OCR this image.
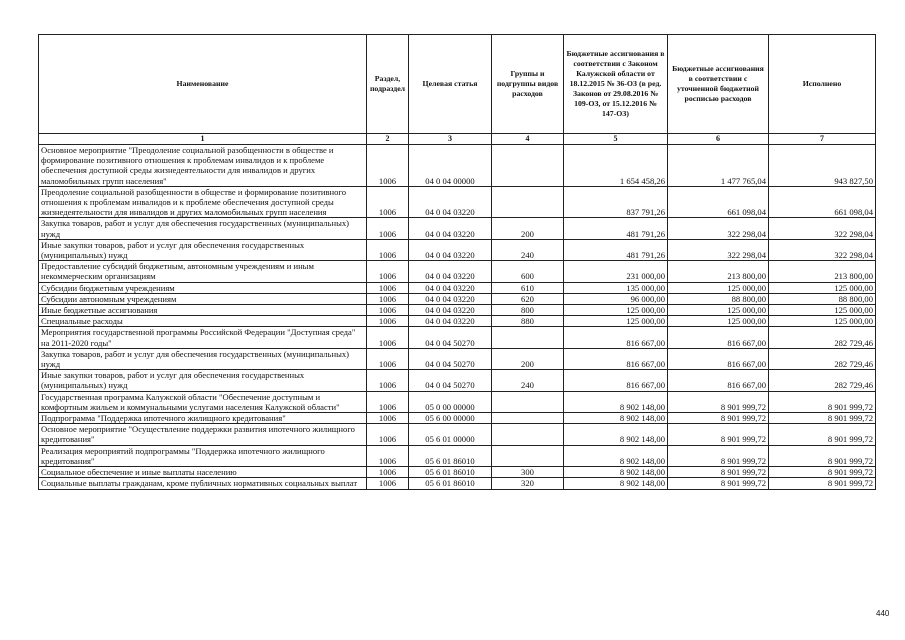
Наименование	Раздел, подраздел	Целевая статья	Группы и подгруппы видов расходов	Бюджетные ассигнования в соответствии с Законом Калужской области от 18.12.2015 № 36-ОЗ (в ред. Законов от 29.08.2016 № 109-ОЗ, от 15.12.2016 № 147-ОЗ)	Бюджетные ассигнования в соответствии с уточненной бюджетной росписью расходов	Исполнено
1	2	3	4	5	6	7
Основное мероприятие "Преодоление социальной разобщенности в обществе и формирование позитивного отношения к проблемам инвалидов и к проблеме обеспечения доступной среды жизнедеятельности для инвалидов и других маломобильных групп населения"	1006	04 0 04 00000		1 654 458,26	1 477 765,04	943 827,50
Преодоление социальной разобщенности в обществе и формирование позитивного отношения к проблемам инвалидов и к проблеме обеспечения доступной среды жизнедеятельности для инвалидов и других маломобильных групп населения	1006	04 0 04 03220		837 791,26	661 098,04	661 098,04
Закупка товаров, работ и услуг для обеспечения государственных (муниципальных) нужд	1006	04 0 04 03220	200	481 791,26	322 298,04	322 298,04
Иные закупки товаров, работ и услуг для обеспечения государственных (муниципальных) нужд	1006	04 0 04 03220	240	481 791,26	322 298,04	322 298,04
Предоставление субсидий бюджетным, автономным учреждениям и иным некоммерческим организациям	1006	04 0 04 03220	600	231 000,00	213 800,00	213 800,00
Субсидии бюджетным учреждениям	1006	04 0 04 03220	610	135 000,00	125 000,00	125 000,00
Субсидии автономным учреждениям	1006	04 0 04 03220	620	96 000,00	88 800,00	88 800,00
Иные бюджетные ассигнования	1006	04 0 04 03220	800	125 000,00	125 000,00	125 000,00
Специальные расходы	1006	04 0 04 03220	880	125 000,00	125 000,00	125 000,00
Мероприятия государственной программы Российской Федерации "Доступная среда" на 2011-2020 годы"	1006	04 0 04 50270		816 667,00	816 667,00	282 729,46
Закупка товаров, работ и услуг для обеспечения государственных (муниципальных) нужд	1006	04 0 04 50270	200	816 667,00	816 667,00	282 729,46
Иные закупки товаров, работ и услуг для обеспечения государственных (муниципальных) нужд	1006	04 0 04 50270	240	816 667,00	816 667,00	282 729,46
Государственная программа Калужской области "Обеспечение доступным и комфортным жильем и коммунальными услугами населения Калужской области"	1006	05 0 00 00000		8 902 148,00	8 901 999,72	8 901 999,72
Подпрограмма "Поддержка ипотечного жилищного кредитования"	1006	05 6 00 00000		8 902 148,00	8 901 999,72	8 901 999,72
Основное мероприятие "Осуществление поддержки развития ипотечного жилищного кредитования"	1006	05 6 01 00000		8 902 148,00	8 901 999,72	8 901 999,72
Реализация мероприятий подпрограммы "Поддержка ипотечного жилищного кредитования"	1006	05 6 01 86010		8 902 148,00	8 901 999,72	8 901 999,72
Социальное обеспечение и иные выплаты населению	1006	05 6 01 86010	300	8 902 148,00	8 901 999,72	8 901 999,72
Социальные выплаты гражданам, кроме публичных нормативных социальных выплат	1006	05 6 01 86010	320	8 902 148,00	8 901 999,72	8 901 999,72
440
